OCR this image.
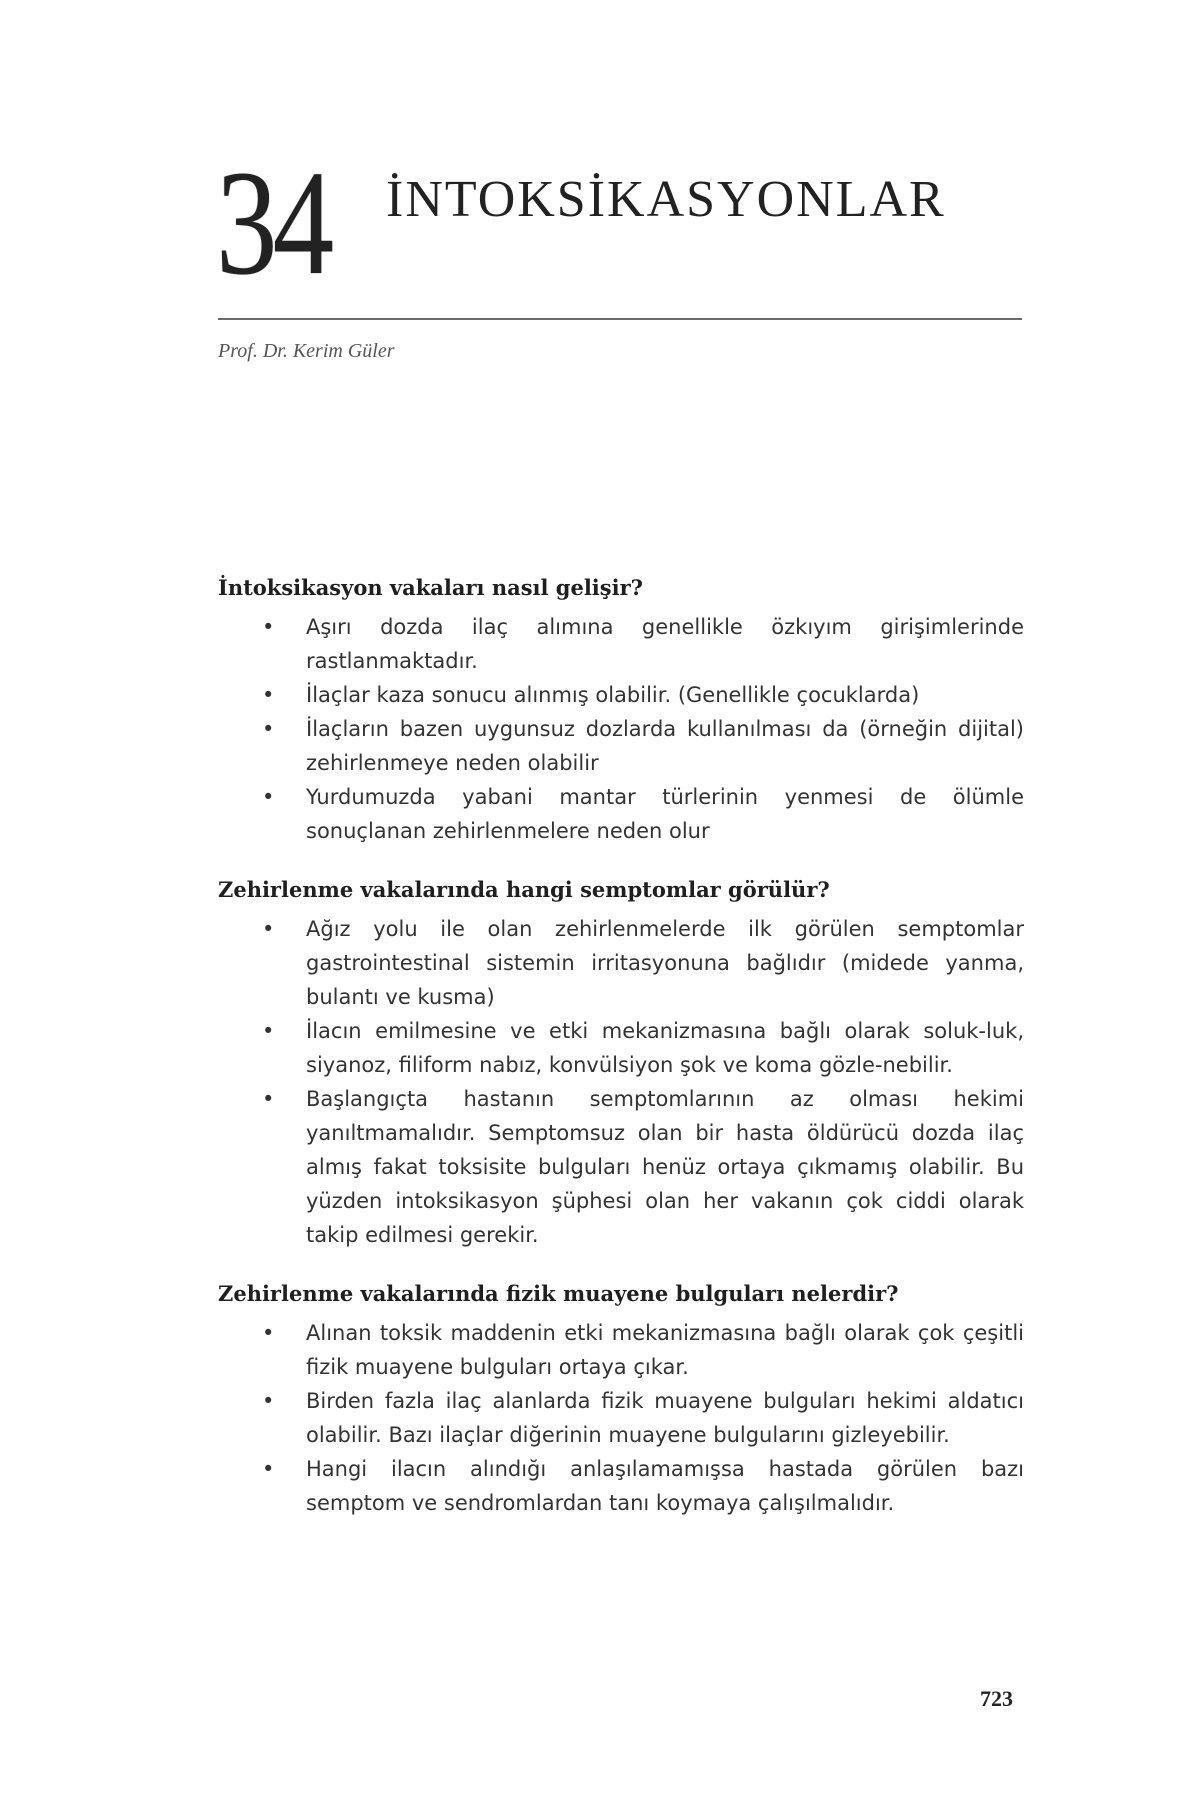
34 İNTOKSİKASYONLAR
Prof. Dr. Kerim Güler
İntoksikasyon vakaları nasıl gelişir?
• Aşırı dozda ilaç alımına genellikle özkıyım girişimlerinde rastlanmaktadır.
• İlaçlar kaza sonucu alınmış olabilir. (Genellikle çocuklarda)
• İlaçların bazen uygunsuz dozlarda kullanılması da (örneğin dijital) zehirlenmeye neden olabilir
• Yurdumuzda yabani mantar türlerinin yenmesi de ölümle sonuçlanan zehirlenmelere neden olur
Zehirlenme vakalarında hangi semptomlar görülür?
• Ağız yolu ile olan zehirlenmelerde ilk görülen semptomlar gastrointestinal sistemin irritasyonuna bağlıdır (midede yanma, bulantı ve kusma)
• İlacın emilmesine ve etki mekanizmasına bağlı olarak soluk-luk, siyanoz, filiform nabız, konvülsiyon şok ve koma gözle-nebilir.
• Başlangıçta hastanın semptomlarının az olması hekimi yanıltmamalıdır. Semptomsuz olan bir hasta öldürücü dozda ilaç almış fakat toksisite bulguları henüz ortaya çıkmamış olabilir. Bu yüzden intoksikasyon şüphesi olan her vakanın çok ciddi olarak takip edilmesi gerekir.
Zehirlenme vakalarında fizik muayene bulguları nelerdir?
• Alınan toksik maddenin etki mekanizmasına bağlı olarak çok çeşitli fizik muayene bulguları ortaya çıkar.
• Birden fazla ilaç alanlarda fizik muayene bulguları hekimi aldatıcı olabilir. Bazı ilaçlar diğerinin muayene bulgularını gizleyebilir.
• Hangi ilacın alındığı anlaşılamamışsa hastada görülen bazı semptom ve sendromlardan tanı koymaya çalışılmalıdır.
723
